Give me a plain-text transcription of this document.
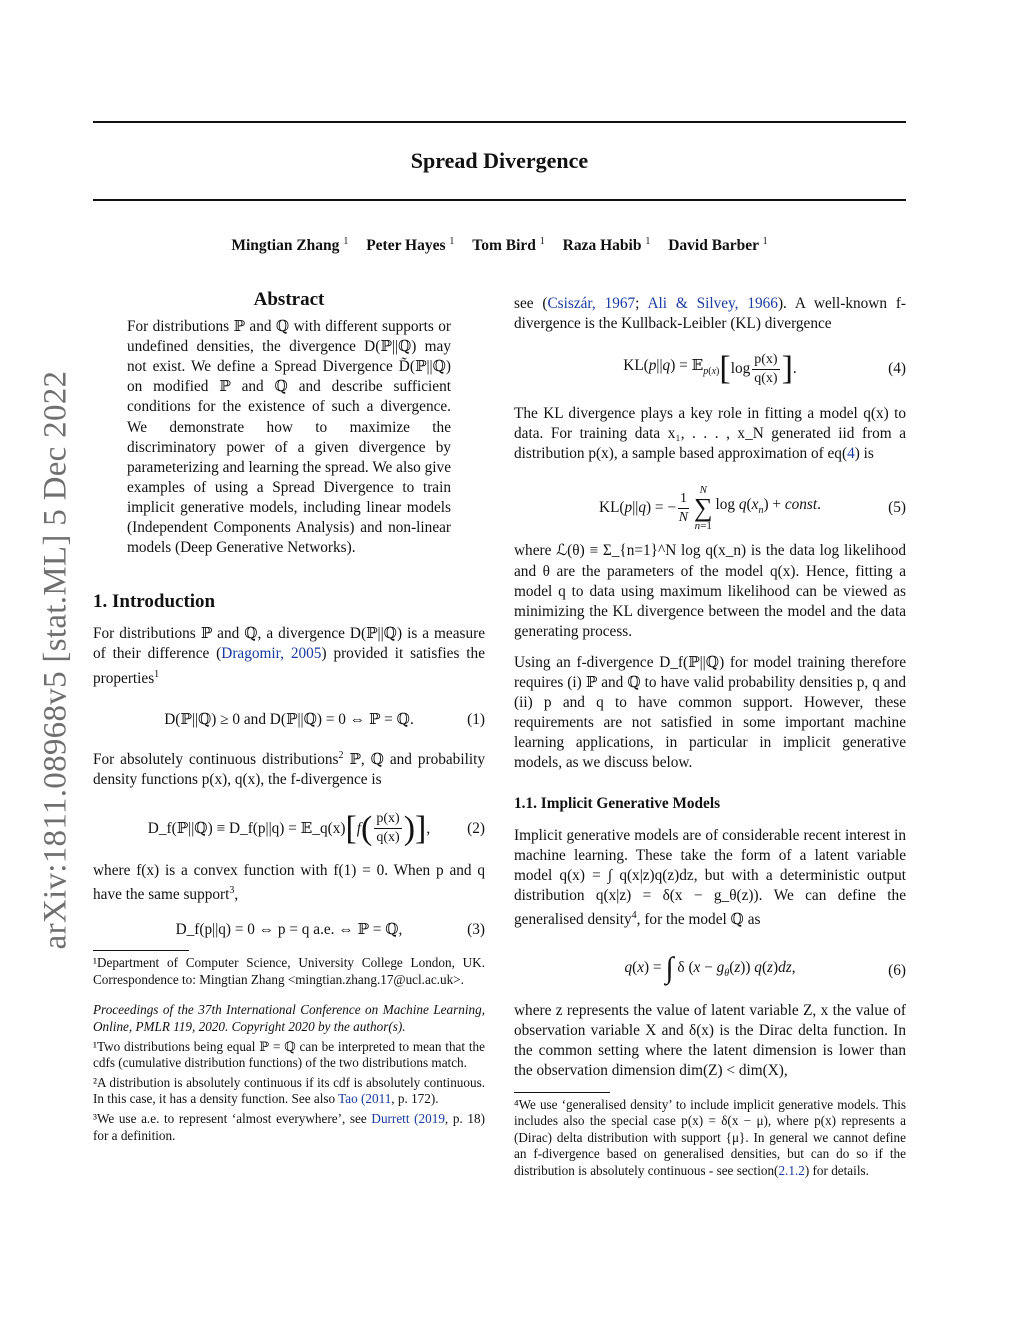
Spread Divergence
Mingtian Zhang $^1$ Peter Hayes $^1$ Tom Bird $^1$ Raza Habib $^1$ David Barber $^1$
arXiv:1811.08968v5 [stat.ML] 5 Dec 2022
Abstract

For distributions ℙ and ℚ with different supports or undefined densities, the divergence D(ℙ||ℚ) may not exist. We define a Spread Divergence D̃(ℙ||ℚ) on modified ℙ and ℚ and describe sufficient conditions for the existence of such a divergence. We demonstrate how to maximize the discriminatory power of a given divergence by parameterizing and learning the spread. We also give examples of using a Spread Divergence to train implicit generative models, including linear models (Independent Components Analysis) and non-linear models (Deep Generative Networks).

1. Introduction

For distributions ℙ and ℚ, a divergence D(ℙ||ℚ) is a measure of their difference (Dragomir, 2005) provided it satisfies the properties$^1$

D(ℙ||ℚ) ≥ 0 and D(ℙ||ℚ) = 0 ⇔ ℙ = ℚ.	(1)

For absolutely continuous distributions$^2$ ℙ, ℚ and probability density functions p(x), q(x), the f-divergence is

D_f(ℙ||ℚ) ≡ D_f(p||q) = 𝔼_q(x) [ f ( $\frac{p(x)}{q(x)}$ ) ] , (2)

where f(x) is a convex function with f(1) = 0. When p and q have the same support$^3$,

D_f(p||q) = 0 ⇔ p = q a.e. ⇔ ℙ = ℚ,	(3)

¹Department of Computer Science, University College London, UK. Correspondence to: Mingtian Zhang <mingtian.zhang.17@ucl.ac.uk>.

Proceedings of the 37th International Conference on Machine Learning, Online, PMLR 119, 2020. Copyright 2020 by the author(s).

¹Two distributions being equal ℙ = ℚ can be interpreted to mean that the cdfs (cumulative distribution functions) of the two distributions match.

²A distribution is absolutely continuous if its cdf is absolutely continuous. In this case, it has a density function. See also Tao (2011, p. 172).

³We use a.e. to represent ‘almost everywhere’, see Durrett (2019, p. 18) for a definition.

see (Csiszár, 1967; Ali & Silvey, 1966). A well-known f-divergence is the Kullback-Leibler (KL) divergence

KL(p||q) = 𝔼$_{p(x)}$ [ $\log \frac{p(x)}{q(x)}$ ] .	(4)

The KL divergence plays a key role in fitting a model q(x) to data. For training data x₁, . . . , x_N generated iid from a distribution p(x), a sample based approximation of eq(4) is

KL(p||q) = − $\frac{1}{N}$ N
∑
n=1
$\log q(x_n)$ + const.	(5)

where ℒ(θ) ≡ Σ_{n=1}^N log q(x_n) is the data log likelihood and θ are the parameters of the model q(x). Hence, fitting a model q to data using maximum likelihood can be viewed as minimizing the KL divergence between the model and the data generating process.

Using an f-divergence D_f(ℙ||ℚ) for model training therefore requires (i) ℙ and ℚ to have valid probability densities p, q and (ii) p and q to have common support. However, these requirements are not satisfied in some important machine learning applications, in particular in implicit generative models, as we discuss below.

1.1. Implicit Generative Models

Implicit generative models are of considerable recent interest in machine learning. These take the form of a latent variable model q(x) = ∫ q(x|z)q(z)dz, but with a deterministic output distribution q(x|z) = δ(x − g_θ(z)). We can define the generalised density$^4$, for the model ℚ as

q(x) = ∫ δ $(x - g_\theta(z))$ q(z)dz,	(6)

where z represents the value of latent variable Z, x the value of observation variable X and δ(x) is the Dirac delta function. In the common setting where the latent dimension is lower than the observation dimension dim(Z) < dim(X),

⁴We use ‘generalised density’ to include implicit generative models. This includes also the special case p(x) = δ(x − μ), where p(x) represents a (Dirac) delta distribution with support {μ}. In general we cannot define an f-divergence based on generalised densities, but can do so if the distribution is absolutely continuous - see section(2.1.2) for details.
